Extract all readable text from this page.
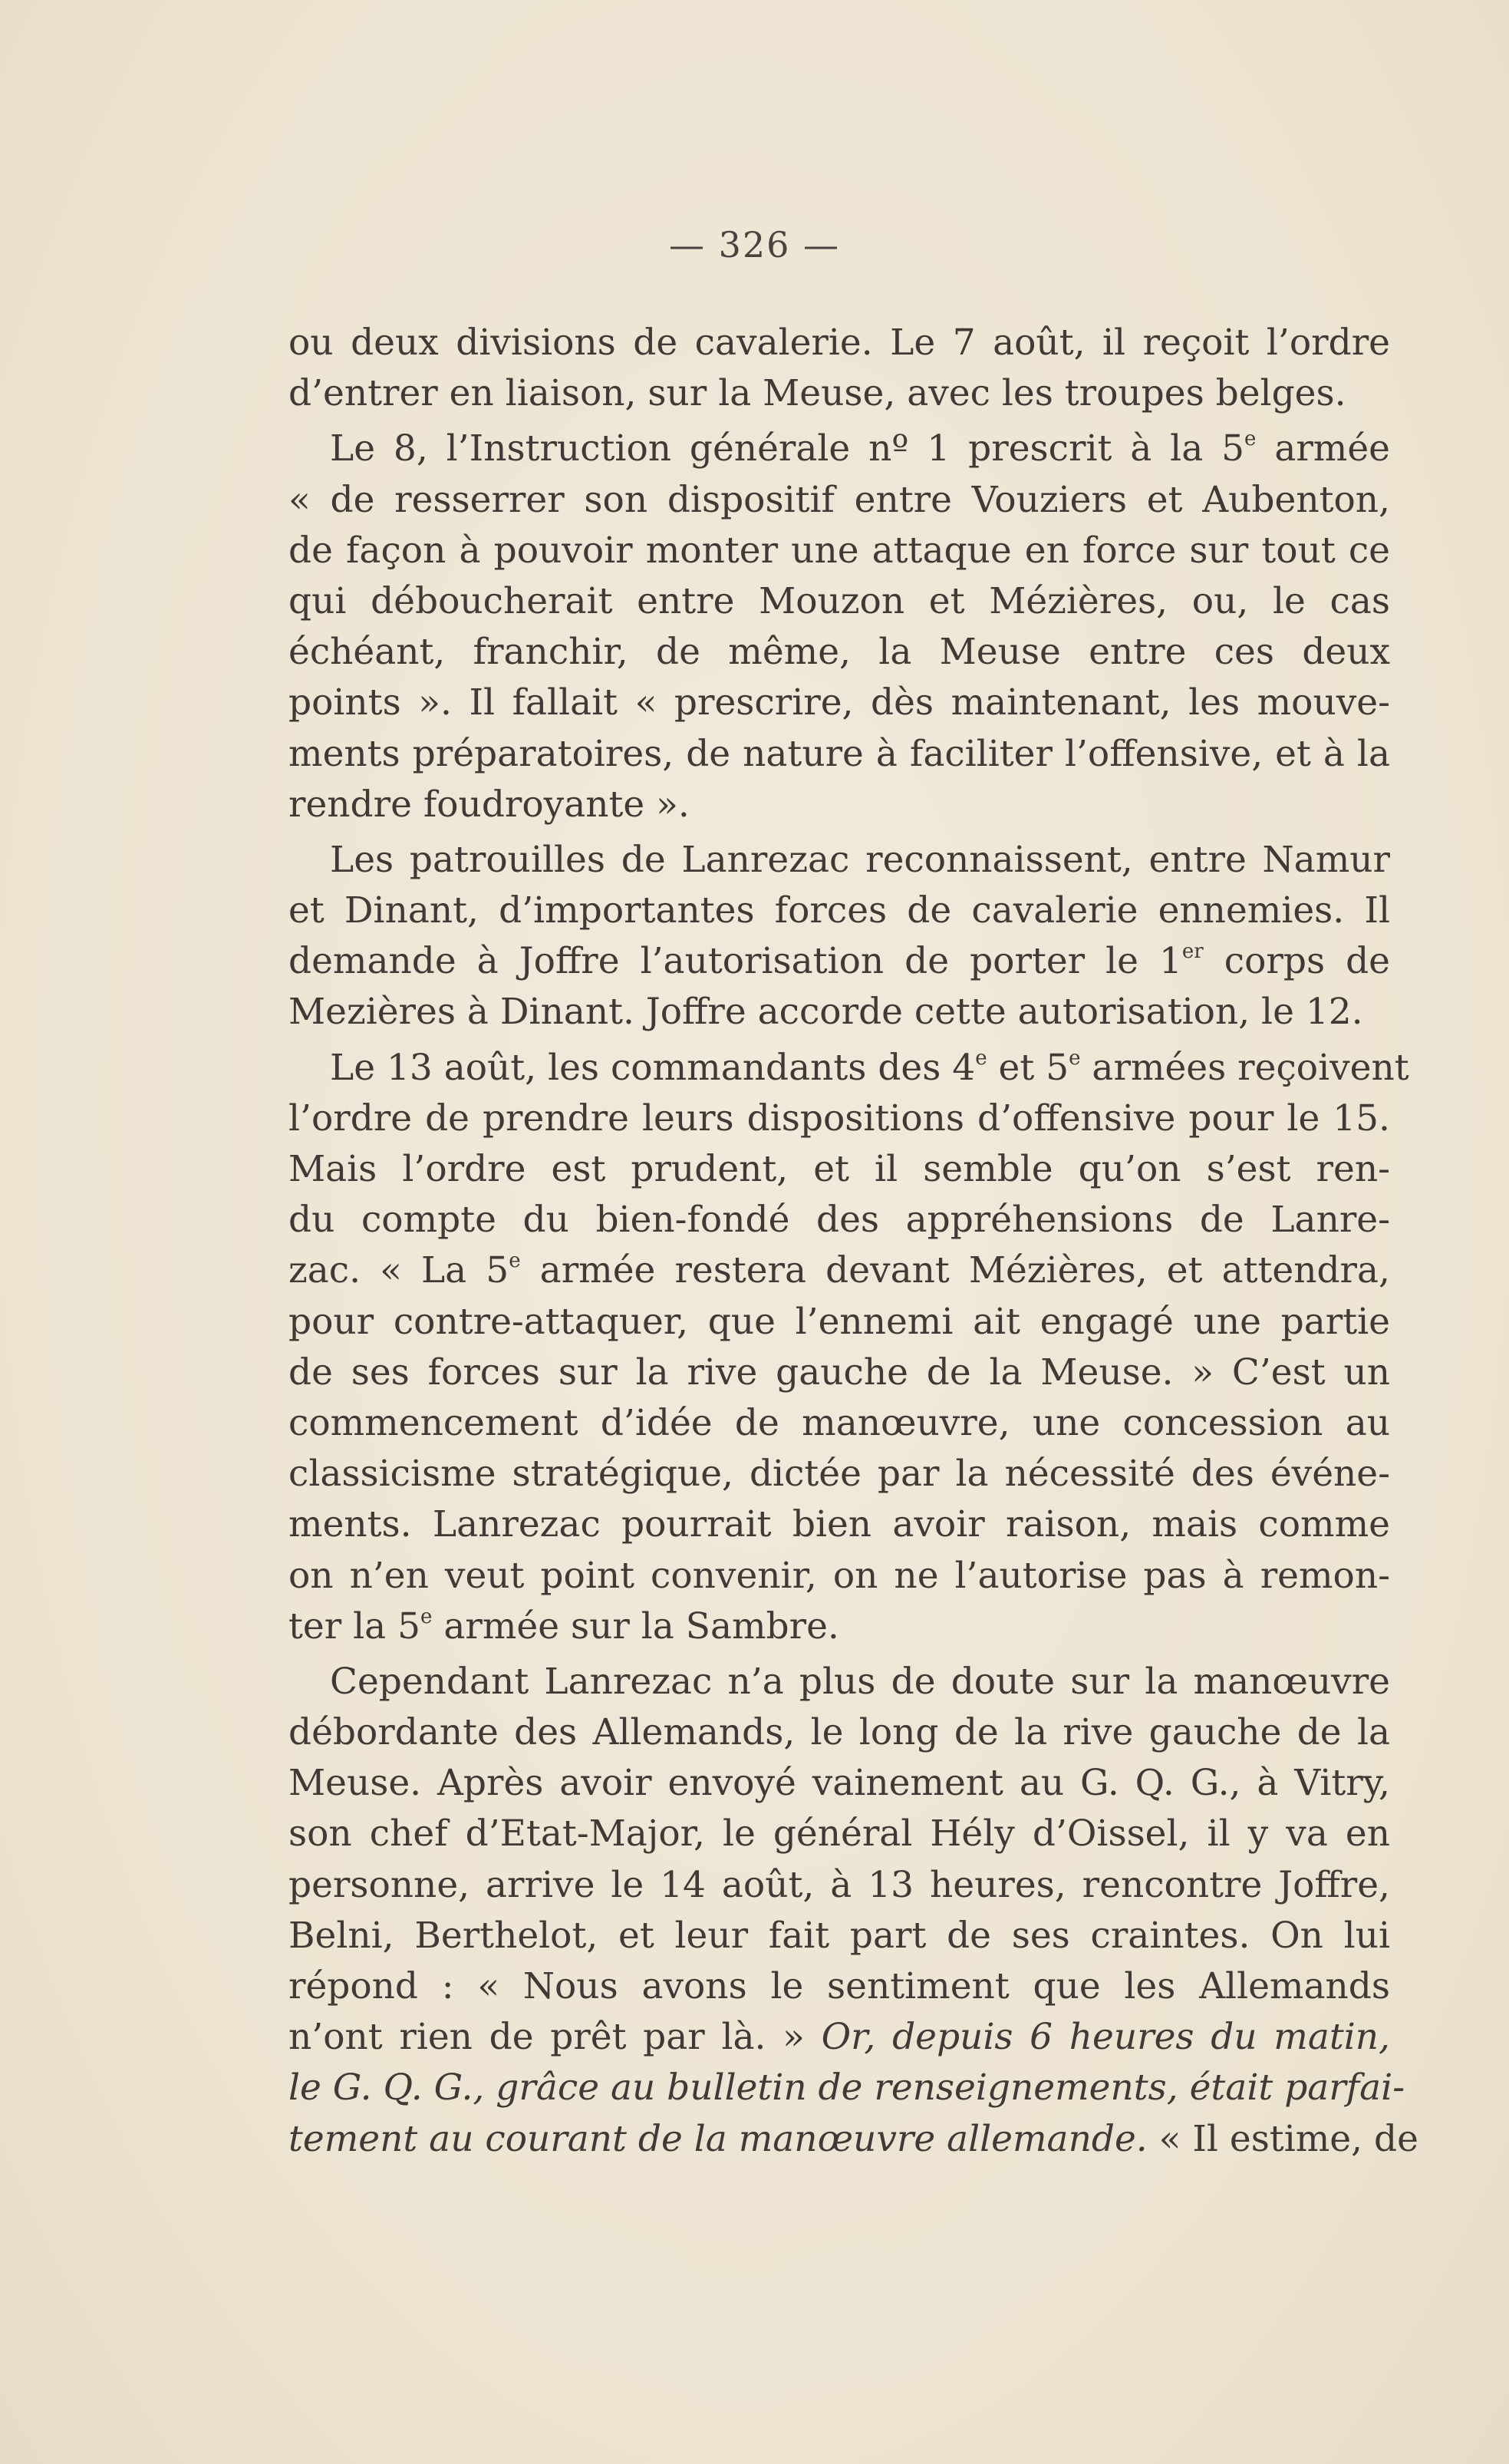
— 326 —
ou deux divisions de cavalerie. Le 7 août, il reçoit l’ordre
d’entrer en liaison, sur la Meuse, avec les troupes belges.
Le 8, l’Instruction générale nº 1 prescrit à la 5e armée
« de resserrer son dispositif entre Vouziers et Aubenton,
de façon à pouvoir monter une attaque en force sur tout ce
qui déboucherait entre Mouzon et Mézières, ou, le cas
échéant, franchir, de même, la Meuse entre ces deux
points ». Il fallait « prescrire, dès maintenant, les mouve-
ments préparatoires, de nature à faciliter l’offensive, et à la
rendre foudroyante ».
Les patrouilles de Lanrezac reconnaissent, entre Namur
et Dinant, d’importantes forces de cavalerie ennemies. Il
demande à Joffre l’autorisation de porter le 1er corps de
Mezières à Dinant. Joffre accorde cette autorisation, le 12.
Le 13 août, les commandants des 4e et 5e armées reçoivent
l’ordre de prendre leurs dispositions d’offensive pour le 15.
Mais l’ordre est prudent, et il semble qu’on s’est ren-
du compte du bien-fondé des appréhensions de Lanre-
zac. « La 5e armée restera devant Mézières, et attendra,
pour contre-attaquer, que l’ennemi ait engagé une partie
de ses forces sur la rive gauche de la Meuse. » C’est un
commencement d’idée de manœuvre, une concession au
classicisme stratégique, dictée par la nécessité des événe-
ments. Lanrezac pourrait bien avoir raison, mais comme
on n’en veut point convenir, on ne l’autorise pas à remon-
ter la 5e armée sur la Sambre.
Cependant Lanrezac n’a plus de doute sur la manœuvre
débordante des Allemands, le long de la rive gauche de la
Meuse. Après avoir envoyé vainement au G. Q. G., à Vitry,
son chef d’Etat-Major, le général Hély d’Oissel, il y va en
personne, arrive le 14 août, à 13 heures, rencontre Joffre,
Belni, Berthelot, et leur fait part de ses craintes. On lui
répond : « Nous avons le sentiment que les Allemands
n’ont rien de prêt par là. » Or, depuis 6 heures du matin,
le G. Q. G., grâce au bulletin de renseignements, était parfai-
tement au courant de la manœuvre allemande. « Il estime, de
